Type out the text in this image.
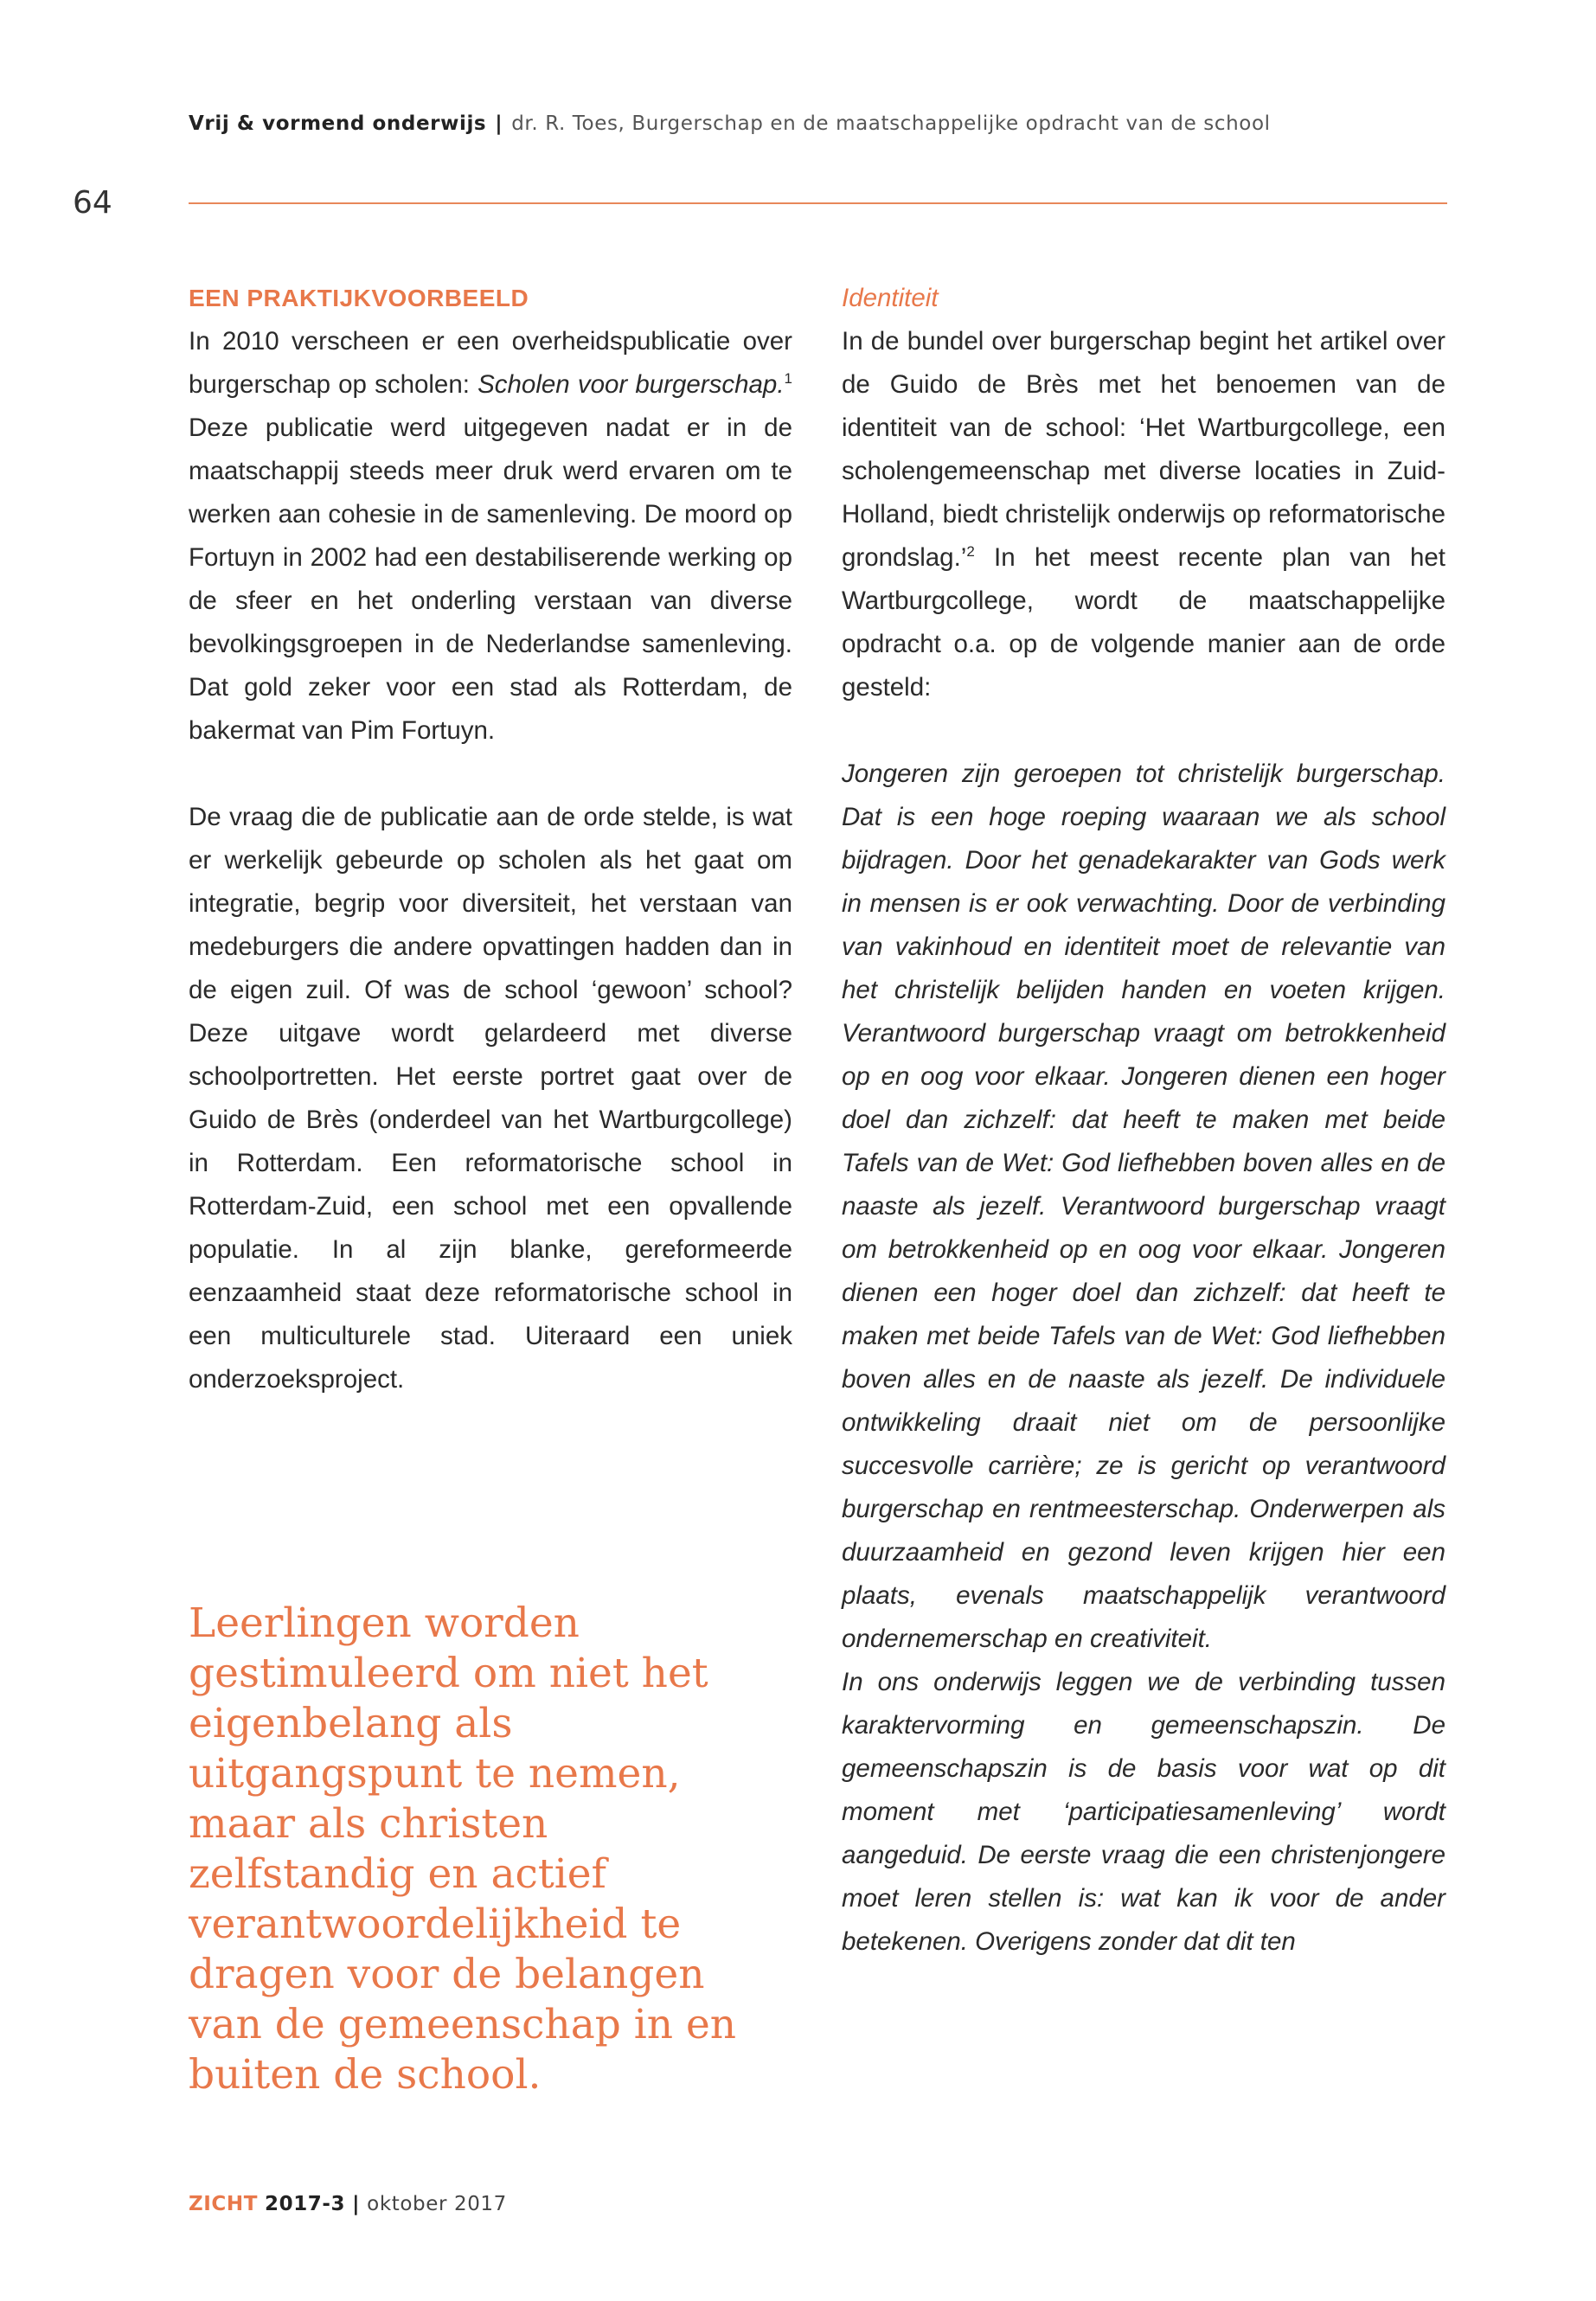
Vrij & vormend onderwijs | dr. R. Toes, Burgerschap en de maatschappelijke opdracht van de school
64

EEN PRAKTIJKVOORBEELD

In 2010 verscheen er een overheidspublicatie over burgerschap op scholen: Scholen voor burgerschap.$^1$ Deze publicatie werd uitgegeven nadat er in de maatschappij steeds meer druk werd ervaren om te werken aan cohesie in de samenleving. De moord op Fortuyn in 2002 had een destabiliserende werking op de sfeer en het onderling verstaan van diverse bevolkingsgroepen in de Nederlandse samenleving. Dat gold zeker voor een stad als Rotterdam, de bakermat van Pim Fortuyn.

De vraag die de publicatie aan de orde stelde, is wat er werkelijk gebeurde op scholen als het gaat om integratie, begrip voor diversiteit, het verstaan van medeburgers die andere opvattingen hadden dan in de eigen zuil. Of was de school ‘gewoon’ school? Deze uitgave wordt gelardeerd met diverse schoolportretten. Het eerste portret gaat over de Guido de Brès (onderdeel van het Wartburgcollege) in Rotterdam. Een reformatorische school in Rotterdam-Zuid, een school met een opvallende populatie. In al zijn blanke, gereformeerde eenzaamheid staat deze reformatorische school in een multiculturele stad. Uiteraard een uniek onderzoeksproject.

Leerlingen worden gestimuleerd om niet het eigenbelang als uitgangspunt te nemen, maar als christen zelfstandig en actief verantwoordelijkheid te dragen voor de belangen van de gemeenschap in en buiten de school.

Identiteit

In de bundel over burgerschap begint het artikel over de Guido de Brès met het benoemen van de identiteit van de school: ‘Het Wartburgcollege, een scholengemeenschap met diverse locaties in Zuid-Holland, biedt christelijk onderwijs op reformatorische grondslag.’$^2$ In het meest recente plan van het Wartburgcollege, wordt de maatschappelijke opdracht o.a. op de volgende manier aan de orde gesteld:

Jongeren zijn geroepen tot christelijk burgerschap. Dat is een hoge roeping waaraan we als school bijdragen. Door het genadekarakter van Gods werk in mensen is er ook verwachting. Door de verbinding van vakinhoud en identiteit moet de relevantie van het christelijk belijden handen en voeten krijgen. Verantwoord burgerschap vraagt om betrokkenheid op en oog voor elkaar. Jongeren dienen een hoger doel dan zichzelf: dat heeft te maken met beide Tafels van de Wet: God liefhebben boven alles en de naaste als jezelf. Verantwoord burgerschap vraagt om betrokkenheid op en oog voor elkaar. Jongeren dienen een hoger doel dan zichzelf: dat heeft te maken met beide Tafels van de Wet: God liefhebben boven alles en de naaste als jezelf. De individuele ontwikkeling draait niet om de persoonlijke succesvolle carrière; ze is gericht op verantwoord burgerschap en rentmeesterschap. Onderwerpen als duurzaamheid en gezond leven krijgen hier een plaats, evenals maatschappelijk verantwoord ondernemerschap en creativiteit.

In ons onderwijs leggen we de verbinding tussen karaktervorming en gemeenschapszin. De gemeenschapszin is de basis voor wat op dit moment met ‘participatiesamenleving’ wordt aangeduid. De eerste vraag die een christenjongere moet leren stellen is: wat kan ik voor de ander betekenen. Overigens zonder dat dit ten

ZICHT 2017-3 | oktober 2017
